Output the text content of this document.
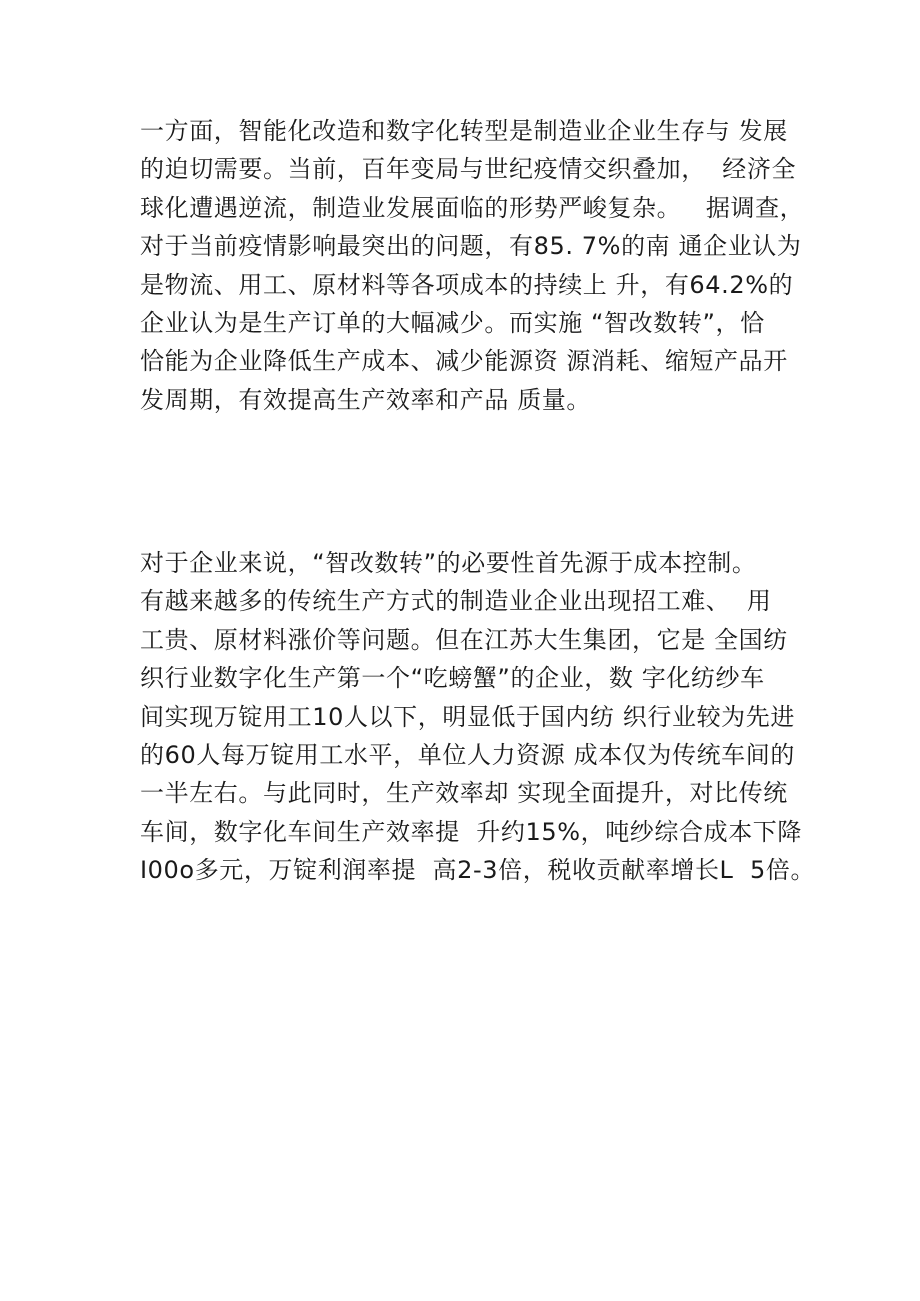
一方面，智能化改造和数字化转型是制造业企业生存与 发展
的迫切需要。当前，百年变局与世纪疫情交织叠加，  经济全
球化遭遇逆流，制造业发展面临的形势严峻复杂。   据调查，
对于当前疫情影响最突出的问题，有85. 7%的南 通企业认为
是物流、用工、原材料等各项成本的持续上 升，有64.2%的
企业认为是生产订单的大幅减少。而实施 “智改数转”，恰
恰能为企业降低生产成本、减少能源资 源消耗、缩短产品开
发周期，有效提高生产效率和产品 质量。
对于企业来说，“智改数转”的必要性首先源于成本控制。
有越来越多的传统生产方式的制造业企业出现招工难、  用
工贵、原材料涨价等问题。但在江苏大生集团，它是 全国纺
织行业数字化生产第一个“吃螃蟹”的企业，数 字化纺纱车
间实现万锭用工10人以下，明显低于国内纺 织行业较为先进
的60人每万锭用工水平，单位人力资源 成本仅为传统车间的
一半左右。与此同时，生产效率却 实现全面提升，对比传统
车间，数字化车间生产效率提  升约15%，吨纱综合成本下降
I00o多元，万锭利润率提  高2-3倍，税收贡献率增长L  5倍。
